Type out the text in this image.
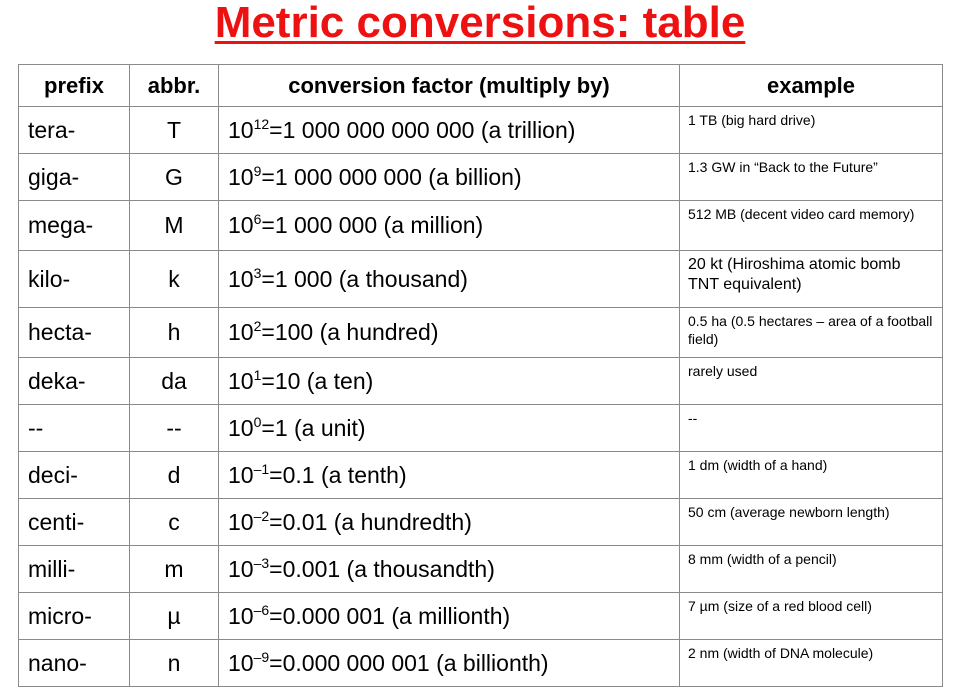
Metric conversions: table
prefix	abbr.	conversion factor (multiply by)	example
tera-	T	$10^{12}=1$ 000 000 000 000 (a trillion)	1 TB (big hard drive)
giga-	G	$10^9=1$ 000 000 000 (a billion)	1.3 GW in “Back to the Future”
mega-	M	$10^6=1$ 000 000 (a million)	512 MB (decent video card memory)
kilo-	k	$10^3=1$ 000 (a thousand)	20 kt (Hiroshima atomic bomb TNT equivalent)
hecta-	h	$10^2=100$ (a hundred)	0.5 ha (0.5 hectares – area of a football field)
deka-	da	$10^1=10$ (a ten)	rarely used
--	--	$10^0=1$ (a unit)	--
deci-	d	$10^{-1}=0.1$ (a tenth)	1 dm (width of a hand)
centi-	c	$10^{-2}=0.01$ (a hundredth)	50 cm (average newborn length)
milli-	m	$10^{-3}=0.001$ (a thousandth)	8 mm (width of a pencil)
micro-	µ	$10^{-6}=0.000$ 001 (a millionth)	7 µm (size of a red blood cell)
nano-	n	$10^{-9}=0.000$ 000 001 (a billionth)	2 nm (width of DNA molecule)
